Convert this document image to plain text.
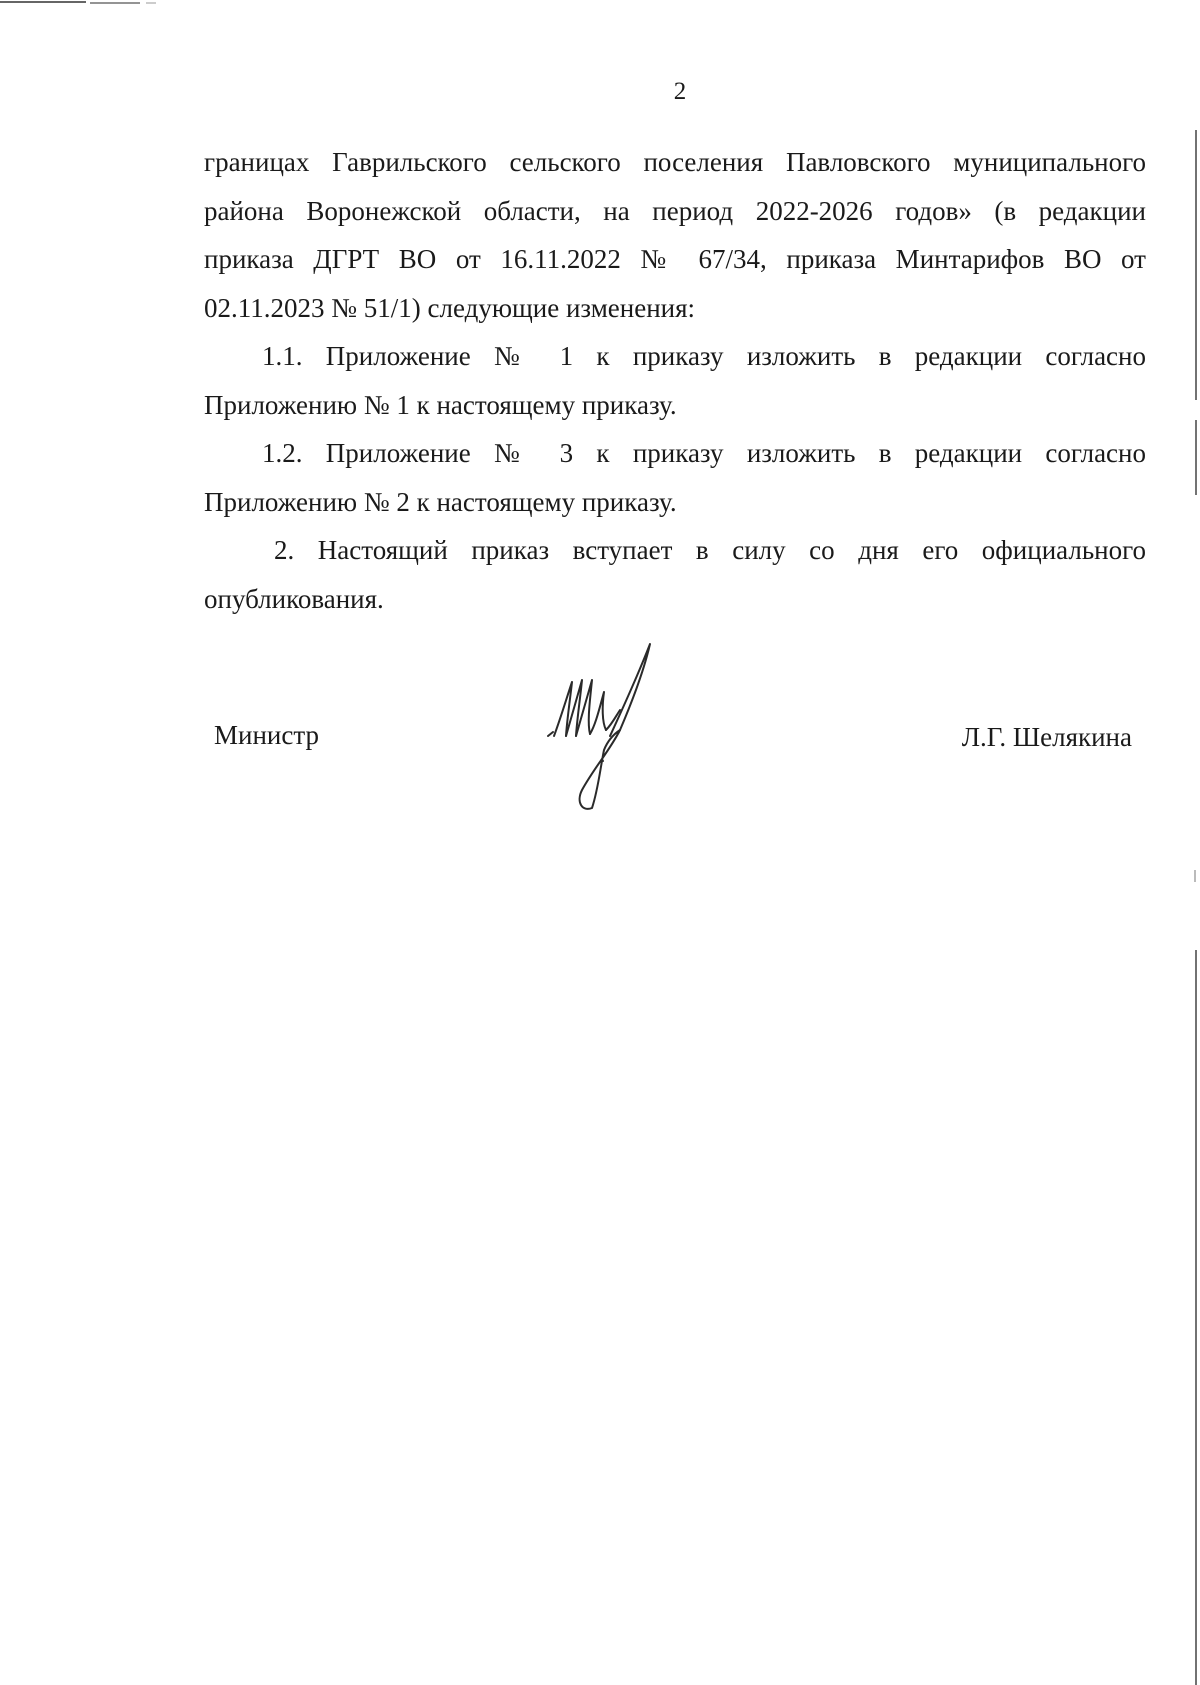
2

границах Гаврильского сельского поселения Павловского муниципального
района Воронежской области, на период 2022-2026 годов» (в редакции
приказа ДГРТ ВО от 16.11.2022 № 67/34, приказа Минтарифов ВО от
02.11.2023 № 51/1) следующие изменения:

1.1. Приложение № 1 к приказу изложить в редакции согласно
Приложению № 1 к настоящему приказу.

1.2. Приложение № 3 к приказу изложить в редакции согласно
Приложению № 2 к настоящему приказу.

2. Настоящий приказ вступает в силу со дня его официального
опубликования.

Министр	Л.Г. Шелякина
